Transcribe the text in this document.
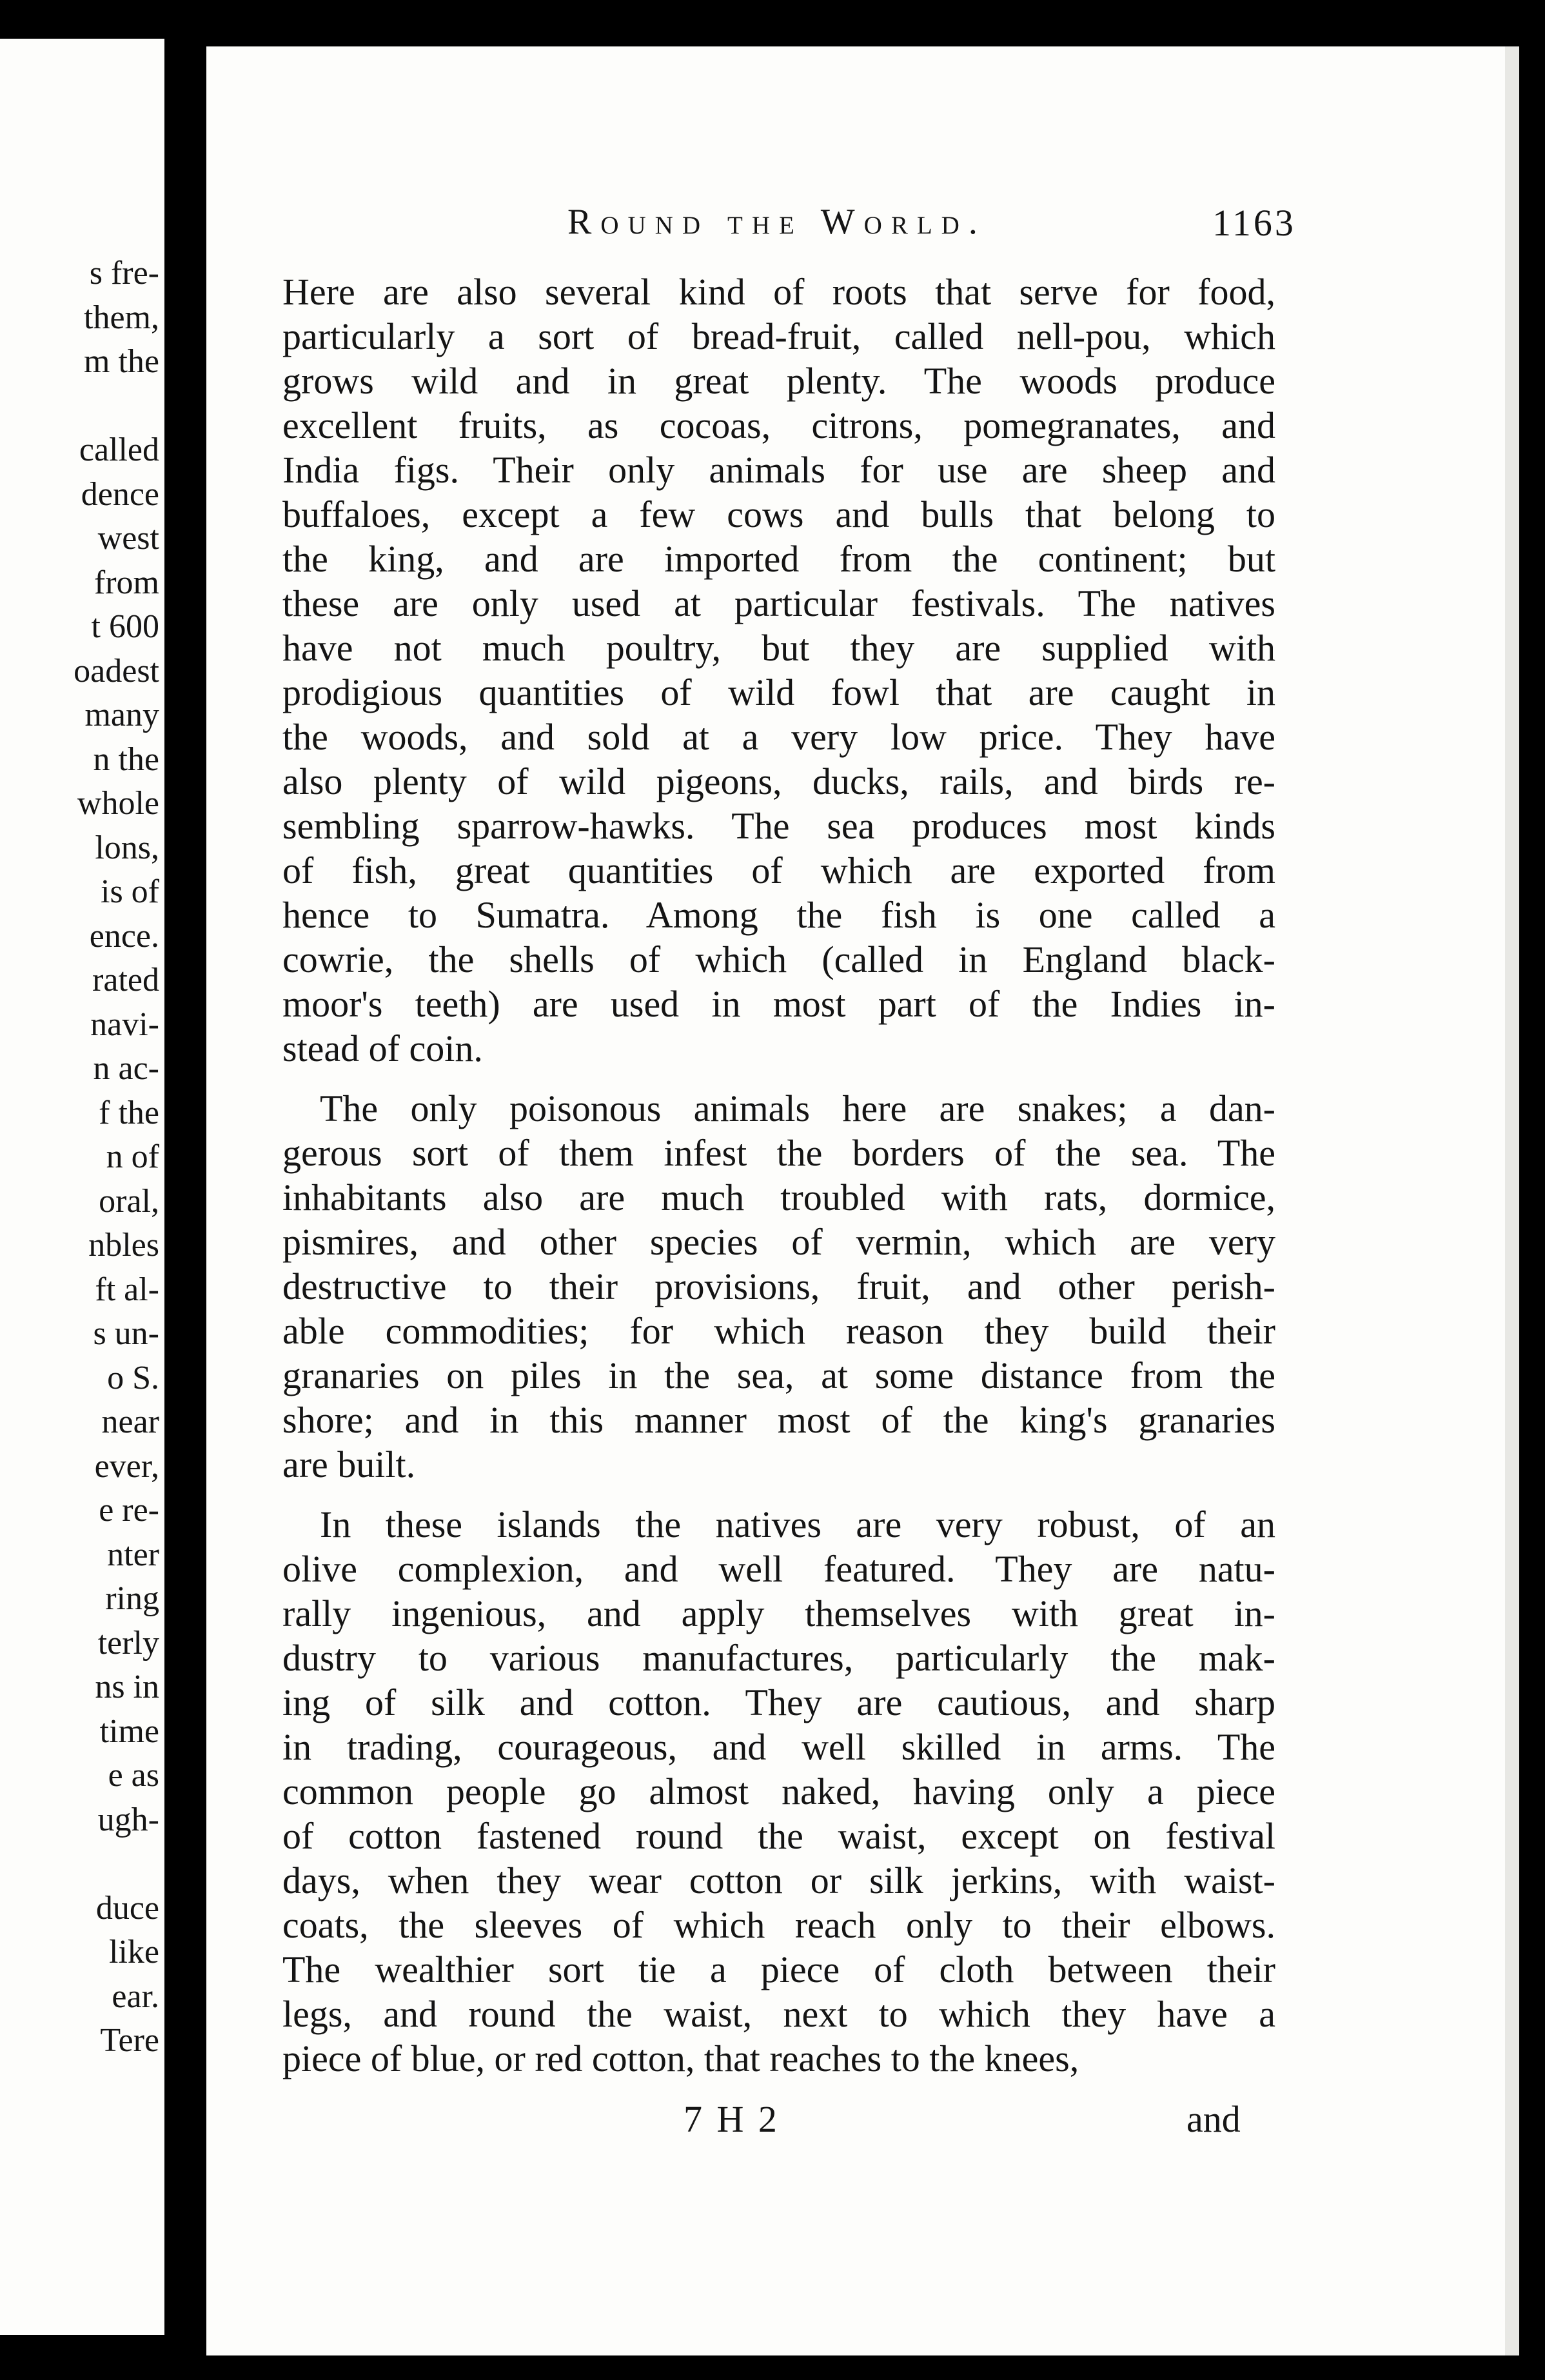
s fre-
them,
m the
called
dence
west
from
t 600
oadest
many
n the
whole
lons,
is of
ence.
rated
navi-
n ac-
f the
n of
oral,
nbles
ft al-
s un-
o S.
near
ever,
e re-
nter
ring
terly
ns in
time
e as
ugh-
duce
like
ear.
Tere
Round the World.	1163
Here are also several kind of roots that serve for food,
particularly a sort of bread-fruit, called nell-pou, which
grows wild and in great plenty. The woods produce
excellent fruits, as cocoas, citrons, pomegranates, and
India figs. Their only animals for use are sheep and
buffaloes, except a few cows and bulls that belong to
the king, and are imported from the continent; but
these are only used at particular festivals. The natives
have not much poultry, but they are supplied with
prodigious quantities of wild fowl that are caught in
the woods, and sold at a very low price. They have
also plenty of wild pigeons, ducks, rails, and birds re-
sembling sparrow-hawks. The sea produces most kinds
of fish, great quantities of which are exported from
hence to Sumatra. Among the fish is one called a
cowrie, the shells of which (called in England black-
moor's teeth) are used in most part of the Indies in-
stead of coin.
The only poisonous animals here are snakes; a dan-
gerous sort of them infest the borders of the sea. The
inhabitants also are much troubled with rats, dormice,
pismires, and other species of vermin, which are very
destructive to their provisions, fruit, and other perish-
able commodities; for which reason they build their
granaries on piles in the sea, at some distance from the
shore; and in this manner most of the king's granaries
are built.
In these islands the natives are very robust, of an
olive complexion, and well featured. They are natu-
rally ingenious, and apply themselves with great in-
dustry to various manufactures, particularly the mak-
ing of silk and cotton. They are cautious, and sharp
in trading, courageous, and well skilled in arms. The
common people go almost naked, having only a piece
of cotton fastened round the waist, except on festival
days, when they wear cotton or silk jerkins, with waist-
coats, the sleeves of which reach only to their elbows.
The wealthier sort tie a piece of cloth between their
legs, and round the waist, next to which they have a
piece of blue, or red cotton, that reaches to the knees,
7 H 2	and
